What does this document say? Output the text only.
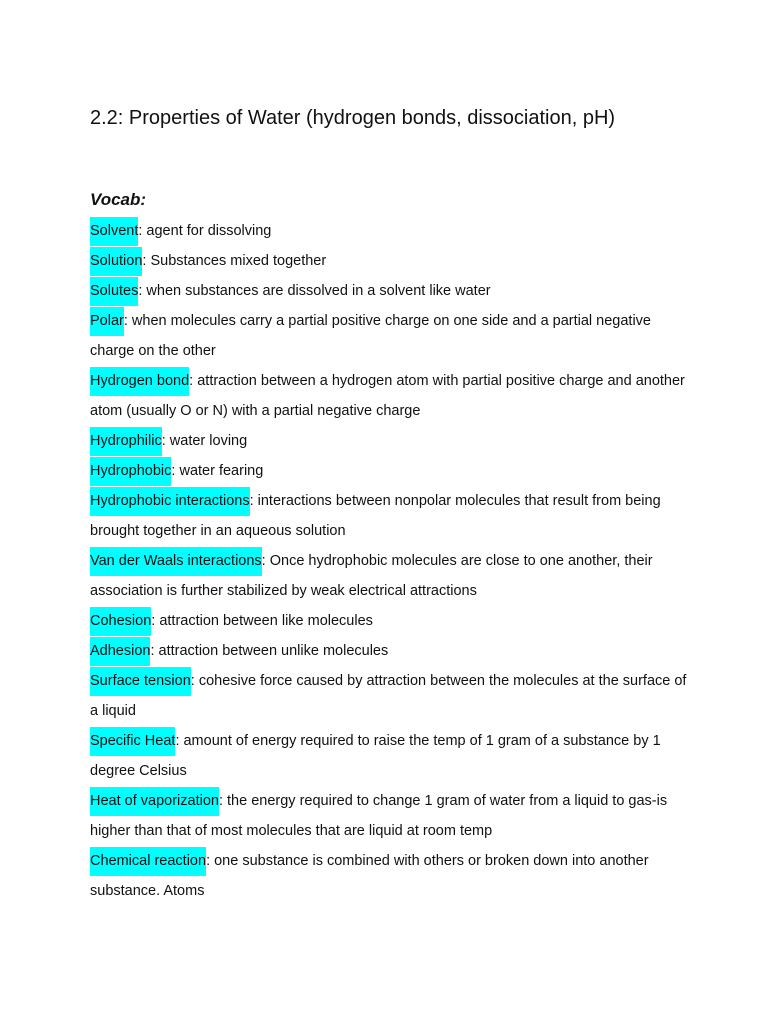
2.2: Properties of Water (hydrogen bonds, dissociation, pH)
Vocab:
Solvent: agent for dissolving
Solution: Substances mixed together
Solutes: when substances are dissolved in a solvent like water
Polar: when molecules carry a partial positive charge on one side and a partial negative charge on the other
Hydrogen bond: attraction between a hydrogen atom with partial positive charge and another atom (usually O or N) with a partial negative charge
Hydrophilic: water loving
Hydrophobic: water fearing
Hydrophobic interactions: interactions between nonpolar molecules that result from being brought together in an aqueous solution
Van der Waals interactions: Once hydrophobic molecules are close to one another, their association is further stabilized by weak electrical attractions
Cohesion: attraction between like molecules
Adhesion: attraction between unlike molecules
Surface tension: cohesive force caused by attraction between the molecules at the surface of a liquid
Specific Heat: amount of energy required to raise the temp of 1 gram of a substance by 1 degree Celsius
Heat of vaporization: the energy required to change 1 gram of water from a liquid to gas-is higher than that of most molecules that are liquid at room temp
Chemical reaction: one substance is combined with others or broken down into another substance. Atoms
